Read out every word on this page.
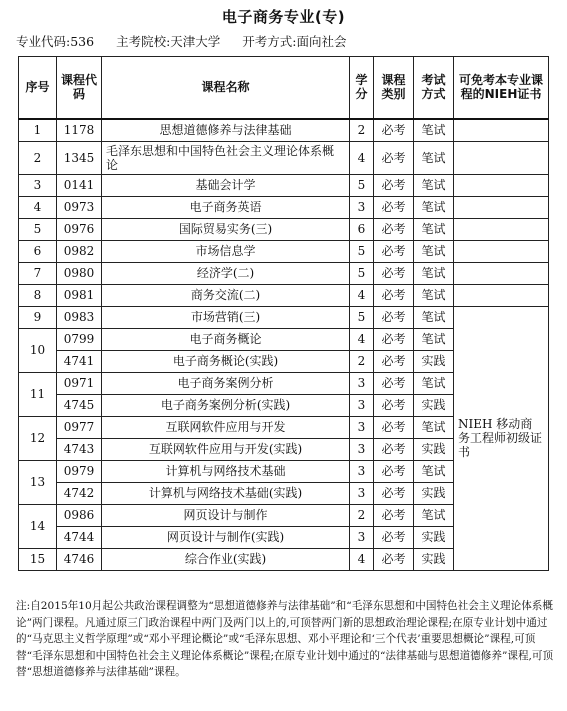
电子商务专业(专)
专业代码:536 主考院校:天津大学 开考方式:面向社会
序号	课程代码	课程名称	学分	课程类别	考试方式	可免考本专业课程的NIEH证书	
1	1178	思想道德修养与法律基础	2	必考	笔试		
2	1345	毛泽东思想和中国特色社会主义理论体系概论	4	必考	笔试		
3	0141	基础会计学	5	必考	笔试		
4	0973	电子商务英语	3	必考	笔试		
5	0976	国际贸易实务(三)	6	必考	笔试		
6	0982	市场信息学	5	必考	笔试		
7	0980	经济学(二)	5	必考	笔试		
8	0981	商务交流(二)	4	必考	笔试		
9	0983	市场营销(三)	5	必考	笔试	NIEH 移动商务工程师初级证书	
10	0799	电子商务概论	4	必考	笔试		
	4741	电子商务概论(实践)	2	必考	实践		
11	0971	电子商务案例分析	3	必考	笔试		
	4745	电子商务案例分析(实践)	3	必考	实践		
12	0977	互联网软件应用与开发	3	必考	笔试		
	4743	互联网软件应用与开发(实践)	3	必考	实践		
13	0979	计算机与网络技术基础	3	必考	笔试		
	4742	计算机与网络技术基础(实践)	3	必考	实践		
14	0986	网页设计与制作	2	必考	笔试		
	4744	网页设计与制作(实践)	3	必考	实践		
15	4746	综合作业(实践)	4	必考	实践		
注:自2015年10月起公共政治课程调整为“思想道德修养与法律基础”和“毛泽东思想和中国特色社会主义理论体系概论”两门课程。凡通过原三门政治课程中两门及两门以上的,可顶替两门新的思想政治理论课程;在原专业计划中通过的“马克思主义哲学原理”或“邓小平理论概论”或“毛泽东思想、邓小平理论和‘三个代表’重要思想概论”课程,可顶替“毛泽东思想和中国特色社会主义理论体系概论”课程;在原专业计划中通过的“法律基础与思想道德修养”课程,可顶替“思想道德修养与法律基础”课程。
